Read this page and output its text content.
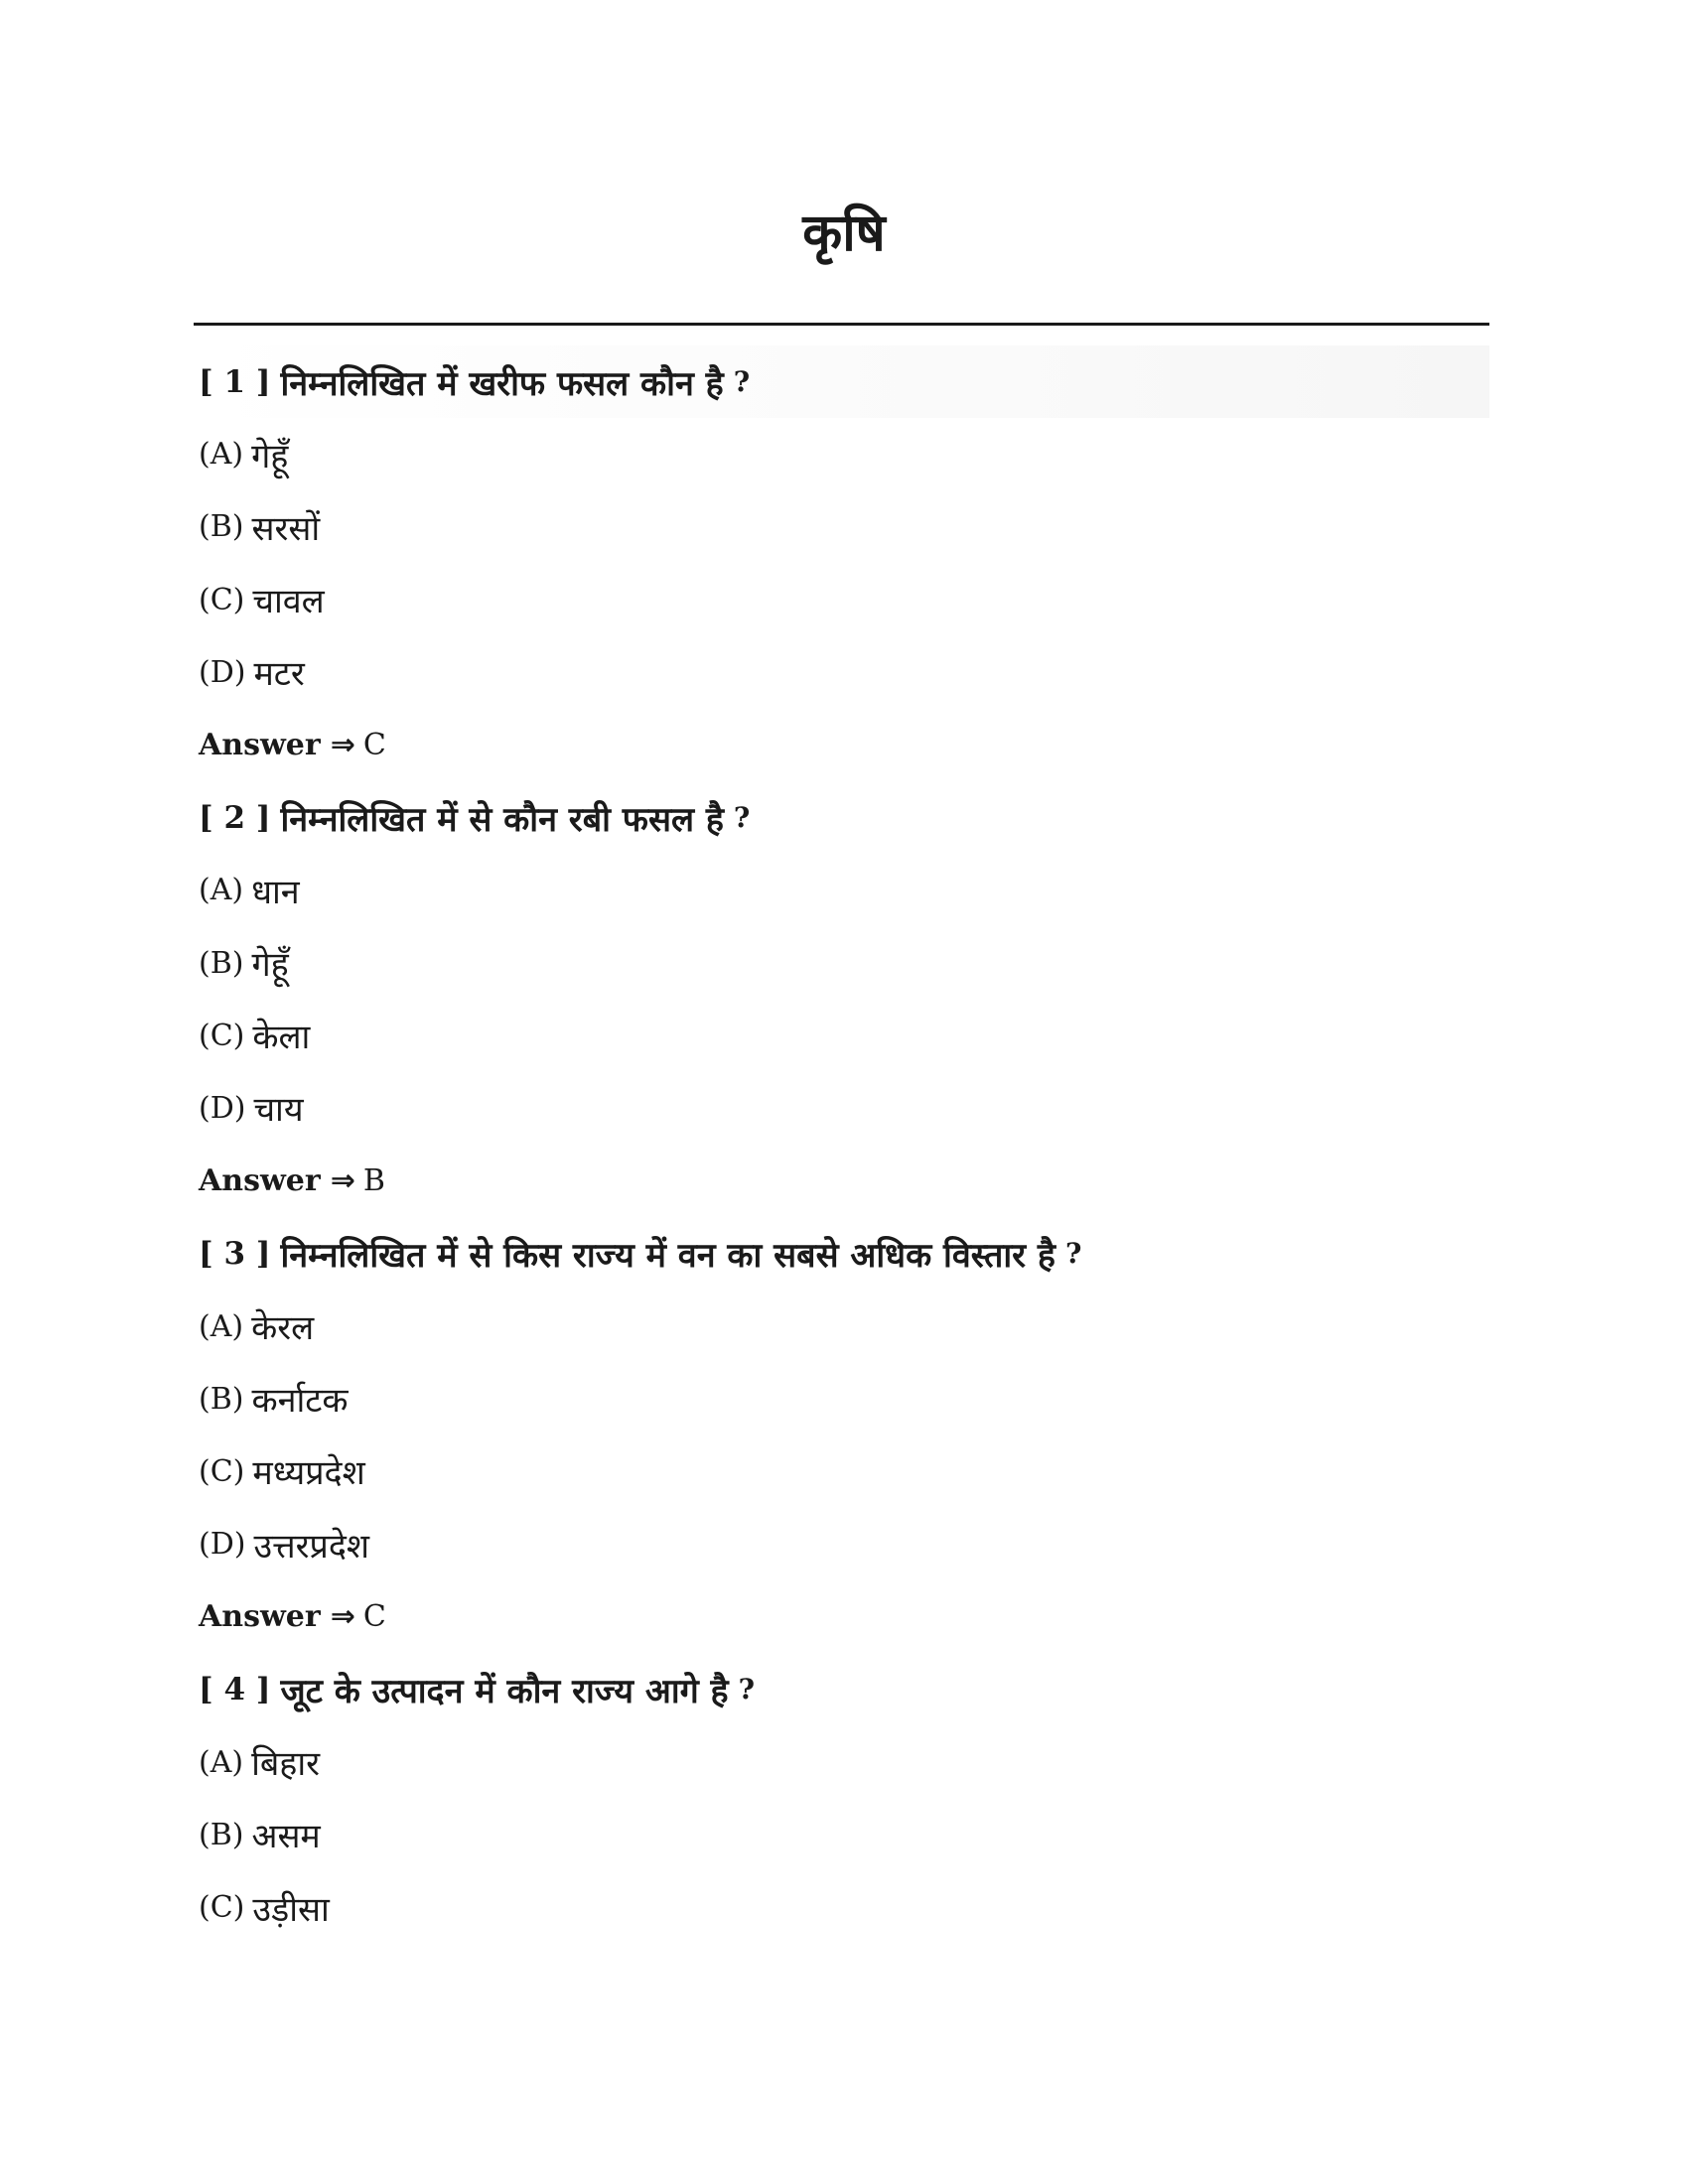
कृषि
[ 1 ] निम्नलिखित में खरीफ फसल कौन है ?
(A) गेहूँ
(B) सरसों
(C) चावल
(D) मटर
Answer ⇒ C
[ 2 ] निम्नलिखित में से कौन रबी फसल है ?
(A) धान
(B) गेहूँ
(C) केला
(D) चाय
Answer ⇒ B
[ 3 ] निम्नलिखित में से किस राज्य में वन का सबसे अधिक विस्तार है ?
(A) केरल
(B) कर्नाटक
(C) मध्यप्रदेश
(D) उत्तरप्रदेश
Answer ⇒ C
[ 4 ] जूट के उत्पादन में कौन राज्य आगे है ?
(A) बिहार
(B) असम
(C) उड़ीसा
